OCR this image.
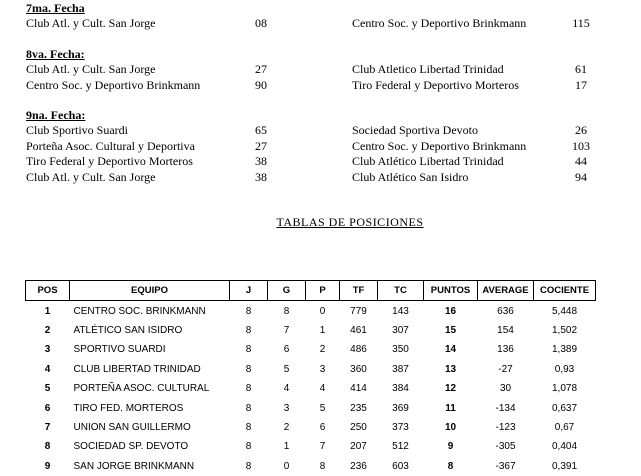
7ma. Fecha
Club Atl. y Cult. San Jorge	08	Centro Soc. y Deportivo Brinkmann	115
8va. Fecha:
Club Atl. y Cult. San Jorge	27	Club Atletico Libertad Trinidad	61
Centro Soc. y Deportivo Brinkmann	90	Tiro Federal y Deportivo Morteros	17
9na. Fecha:
Club Sportivo Suardi	65	Sociedad Sportiva Devoto	26
Porteña Asoc. Cultural y Deportiva	27	Centro Soc. y Deportivo Brinkmann	103
Tiro Federal y Deportivo Morteros	38	Club Atlético Libertad Trinidad	44
Club Atl. y Cult. San Jorge	38	Club Atlético San Isidro	94
TABLAS DE POSICIONES
POS	EQUIPO	J	G	P	TF	TC	PUNTOS	AVERAGE	COCIENTE
1	CENTRO SOC. BRINKMANN	8	8	0	779	143	16	636	5,448
2	ATLÉTICO SAN ISIDRO	8	7	1	461	307	15	154	1,502
3	SPORTIVO SUARDI	8	6	2	486	350	14	136	1,389
4	CLUB LIBERTAD TRINIDAD	8	5	3	360	387	13	-27	0,93
5	PORTEÑA ASOC. CULTURAL	8	4	4	414	384	12	30	1,078
6	TIRO FED. MORTEROS	8	3	5	235	369	11	-134	0,637
7	UNION SAN GUILLERMO	8	2	6	250	373	10	-123	0,67
8	SOCIEDAD SP. DEVOTO	8	1	7	207	512	9	-305	0,404
9	SAN JORGE BRINKMANN	8	0	8	236	603	8	-367	0,391
